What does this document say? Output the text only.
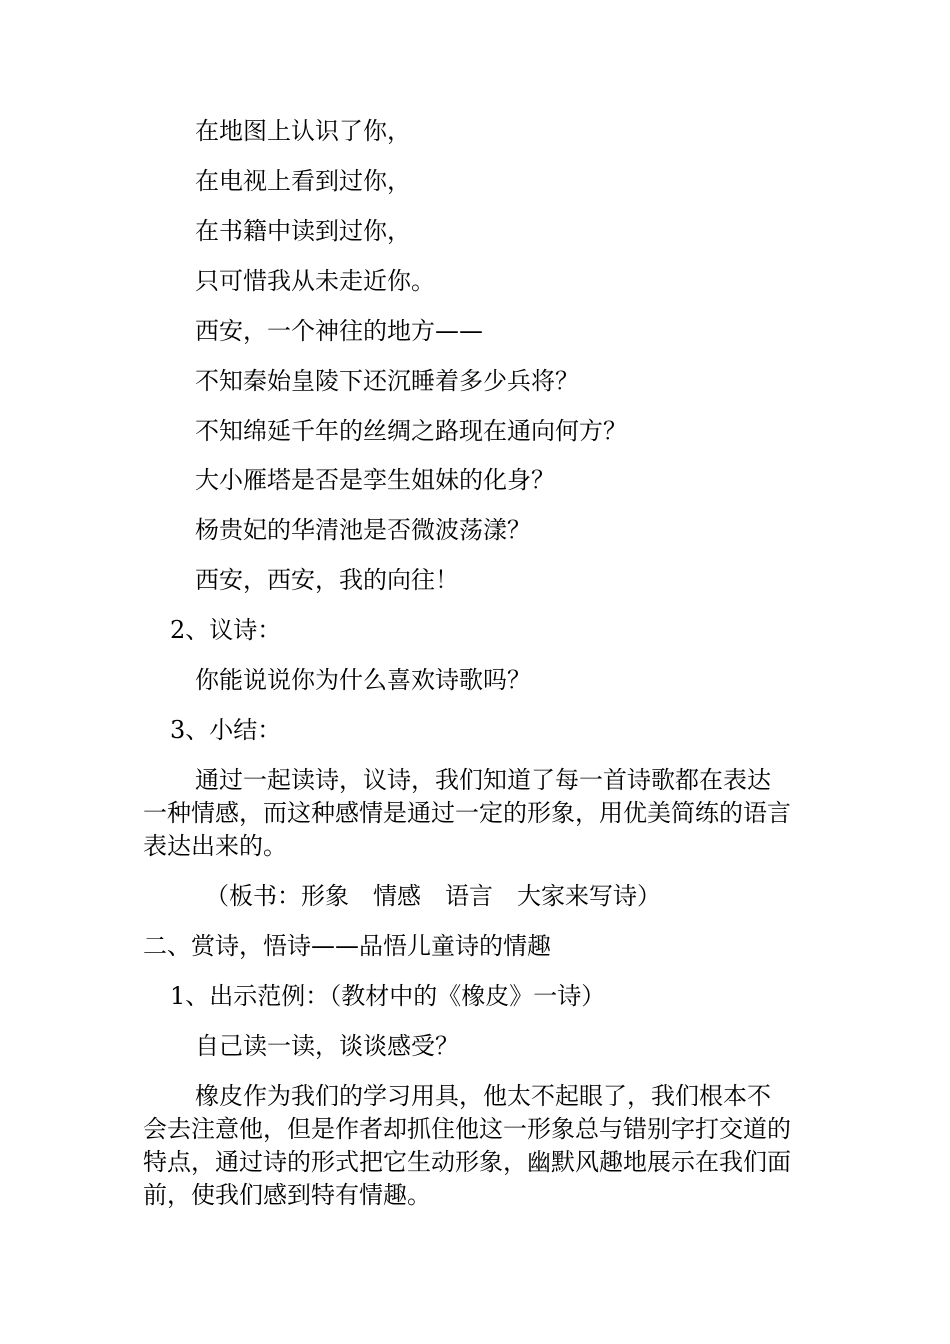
在地图上认识了你，
在电视上看到过你，
在书籍中读到过你，
只可惜我从未走近你。
西安，一个神往的地方——
不知秦始皇陵下还沉睡着多少兵将？
不知绵延千年的丝绸之路现在通向何方？
大小雁塔是否是孪生姐妹的化身？
杨贵妃的华清池是否微波荡漾？
西安，西安，我的向往！
2、议诗：
你能说说你为什么喜欢诗歌吗？
3、小结：
通过一起读诗，议诗，我们知道了每一首诗歌都在表达一种情感，而这种感情是通过一定的形象，用优美简练的语言表达出来的。
（板书：形象　情感　语言　大家来写诗）
二、赏诗，悟诗——品悟儿童诗的情趣
1、出示范例：（教材中的《橡皮》一诗）
自己读一读，谈谈感受？
橡皮作为我们的学习用具，他太不起眼了，我们根本不会去注意他，但是作者却抓住他这一形象总与错别字打交道的特点，通过诗的形式把它生动形象，幽默风趣地展示在我们面前，使我们感到特有情趣。
